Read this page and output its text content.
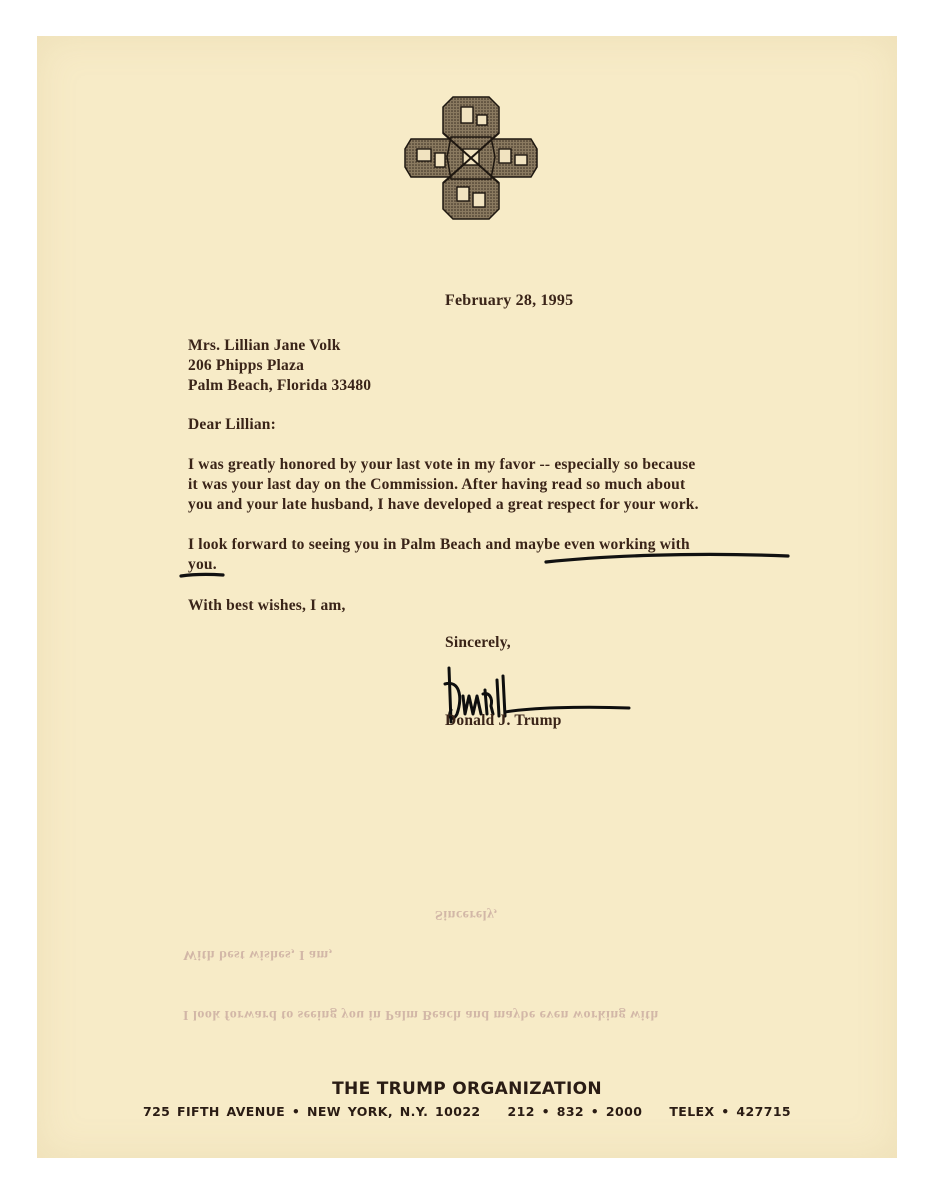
February 28, 1995
Mrs. Lillian Jane Volk
206 Phipps Plaza
Palm Beach, Florida 33480
Dear Lillian:
I was greatly honored by your last vote in my favor -- especially so because
it was your last day on the Commission. After having read so much about
you and your late husband, I have developed a great respect for your work.
I look forward to seeing you in Palm Beach and maybe even working with
you.
With best wishes, I am,
Sincerely,
Donald J. Trump
Sincerely,
With best wishes, I am,
I look forward to seeing you in Palm Beach and maybe even working with
THE TRUMP ORGANIZATION
725 FIFTH AVENUE • NEW YORK, N.Y. 10022 212 • 832 • 2000 TELEX • 427715
